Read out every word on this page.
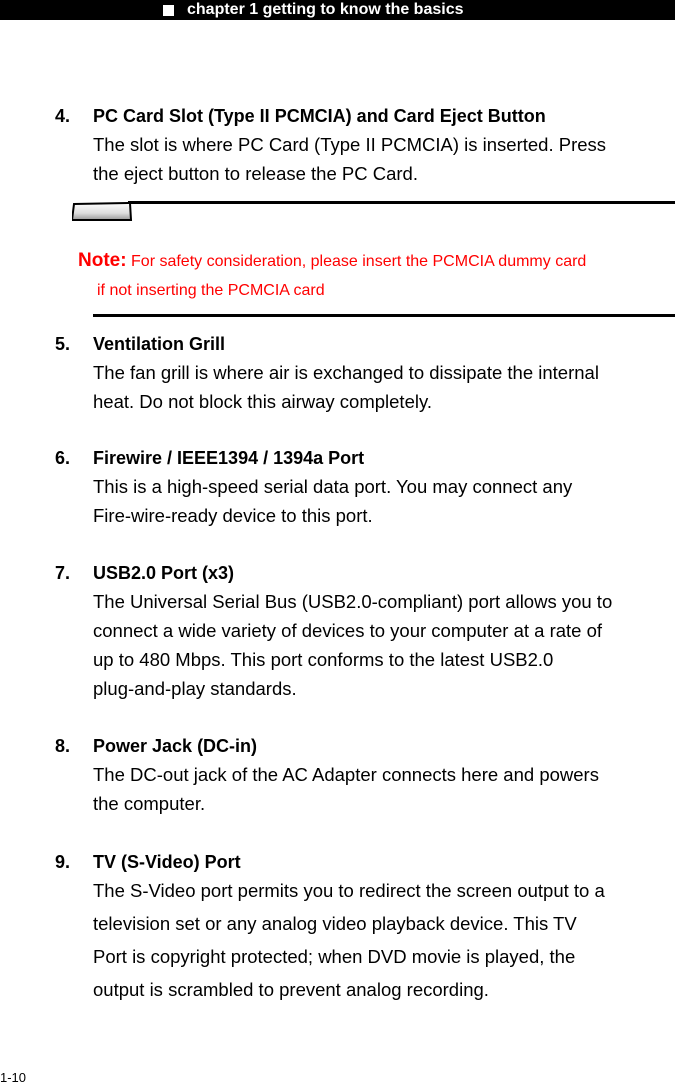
chapter 1 getting to know the basics
4. PC Card Slot (Type II PCMCIA) and Card Eject Button
The slot is where PC Card (Type II PCMCIA) is inserted. Press
the eject button to release the PC Card.
Note: For safety consideration, please insert the PCMCIA dummy card
if not inserting the PCMCIA card
5. Ventilation Grill
The fan grill is where air is exchanged to dissipate the internal
heat. Do not block this airway completely.
6. Firewire / IEEE1394 / 1394a Port
This is a high-speed serial data port. You may connect any
Fire-wire-ready device to this port.
7. USB2.0 Port (x3)
The Universal Serial Bus (USB2.0-compliant) port allows you to
connect a wide variety of devices to your computer at a rate of
up to 480 Mbps. This port conforms to the latest USB2.0
plug-and-play standards.
8. Power Jack (DC-in)
The DC-out jack of the AC Adapter connects here and powers
the computer.
9. TV (S-Video) Port
The S-Video port permits you to redirect the screen output to a
television set or any analog video playback device. This TV
Port is copyright protected; when DVD movie is played, the
output is scrambled to prevent analog recording.
1-10
